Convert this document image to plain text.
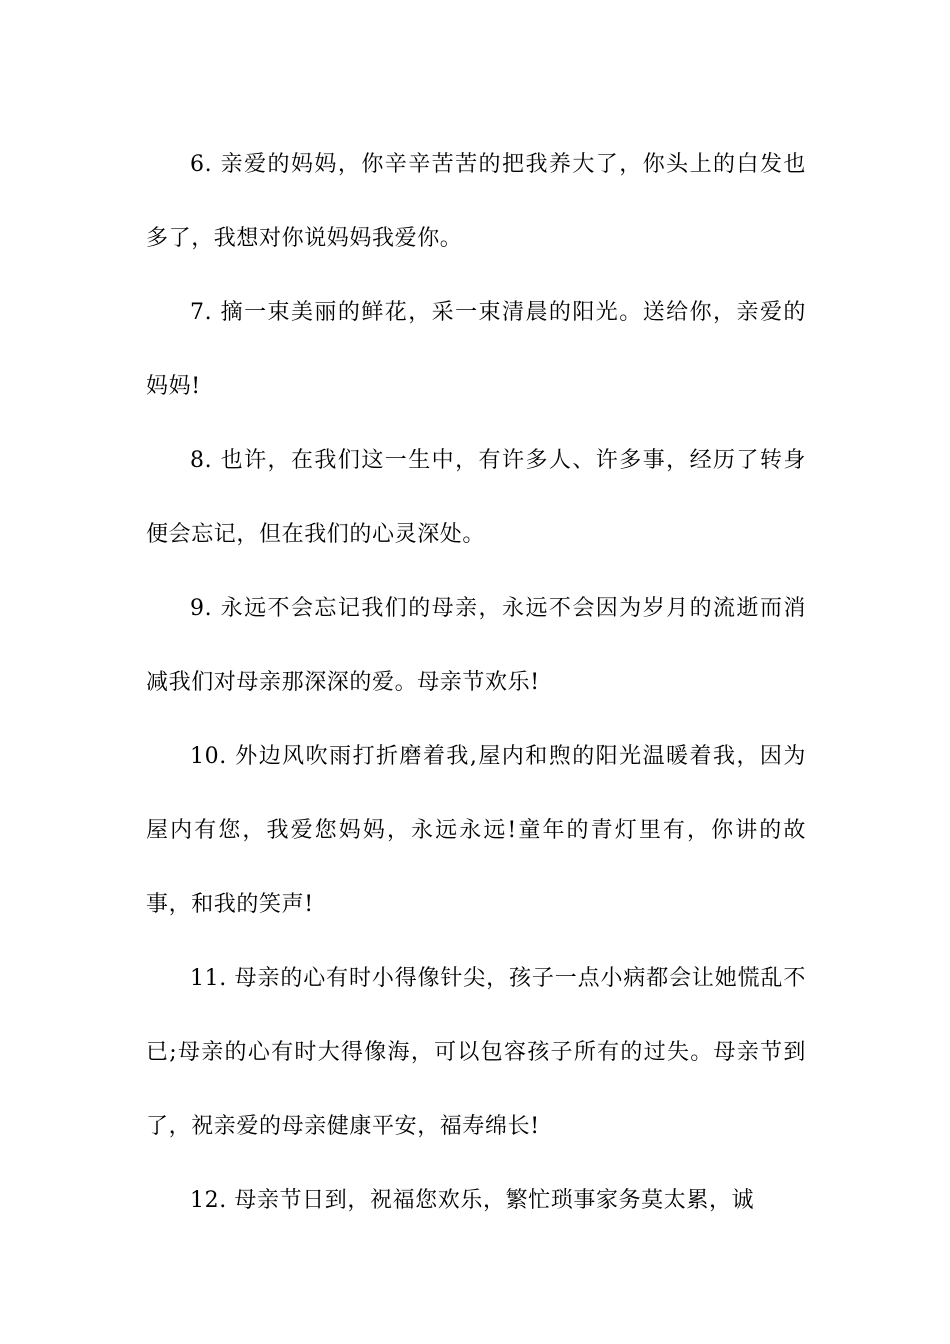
6. 亲爱的妈妈，你辛辛苦苦的把我养大了，你头上的白发也多了，我想对你说妈妈我爱你。

7. 摘一束美丽的鲜花，采一束清晨的阳光。送给你，亲爱的妈妈!

8. 也许，在我们这一生中，有许多人、许多事，经历了转身便会忘记，但在我们的心灵深处。

9. 永远不会忘记我们的母亲，永远不会因为岁月的流逝而消减我们对母亲那深深的爱。母亲节欢乐!

10. 外边风吹雨打折磨着我,屋内和煦的阳光温暖着我，因为屋内有您，我爱您妈妈，永远永远!童年的青灯里有，你讲的故事，和我的笑声!

11. 母亲的心有时小得像针尖，孩子一点小病都会让她慌乱不已;母亲的心有时大得像海，可以包容孩子所有的过失。母亲节到了，祝亲爱的母亲健康平安，福寿绵长!

12. 母亲节日到，祝福您欢乐，繁忙琐事家务莫太累，诚
